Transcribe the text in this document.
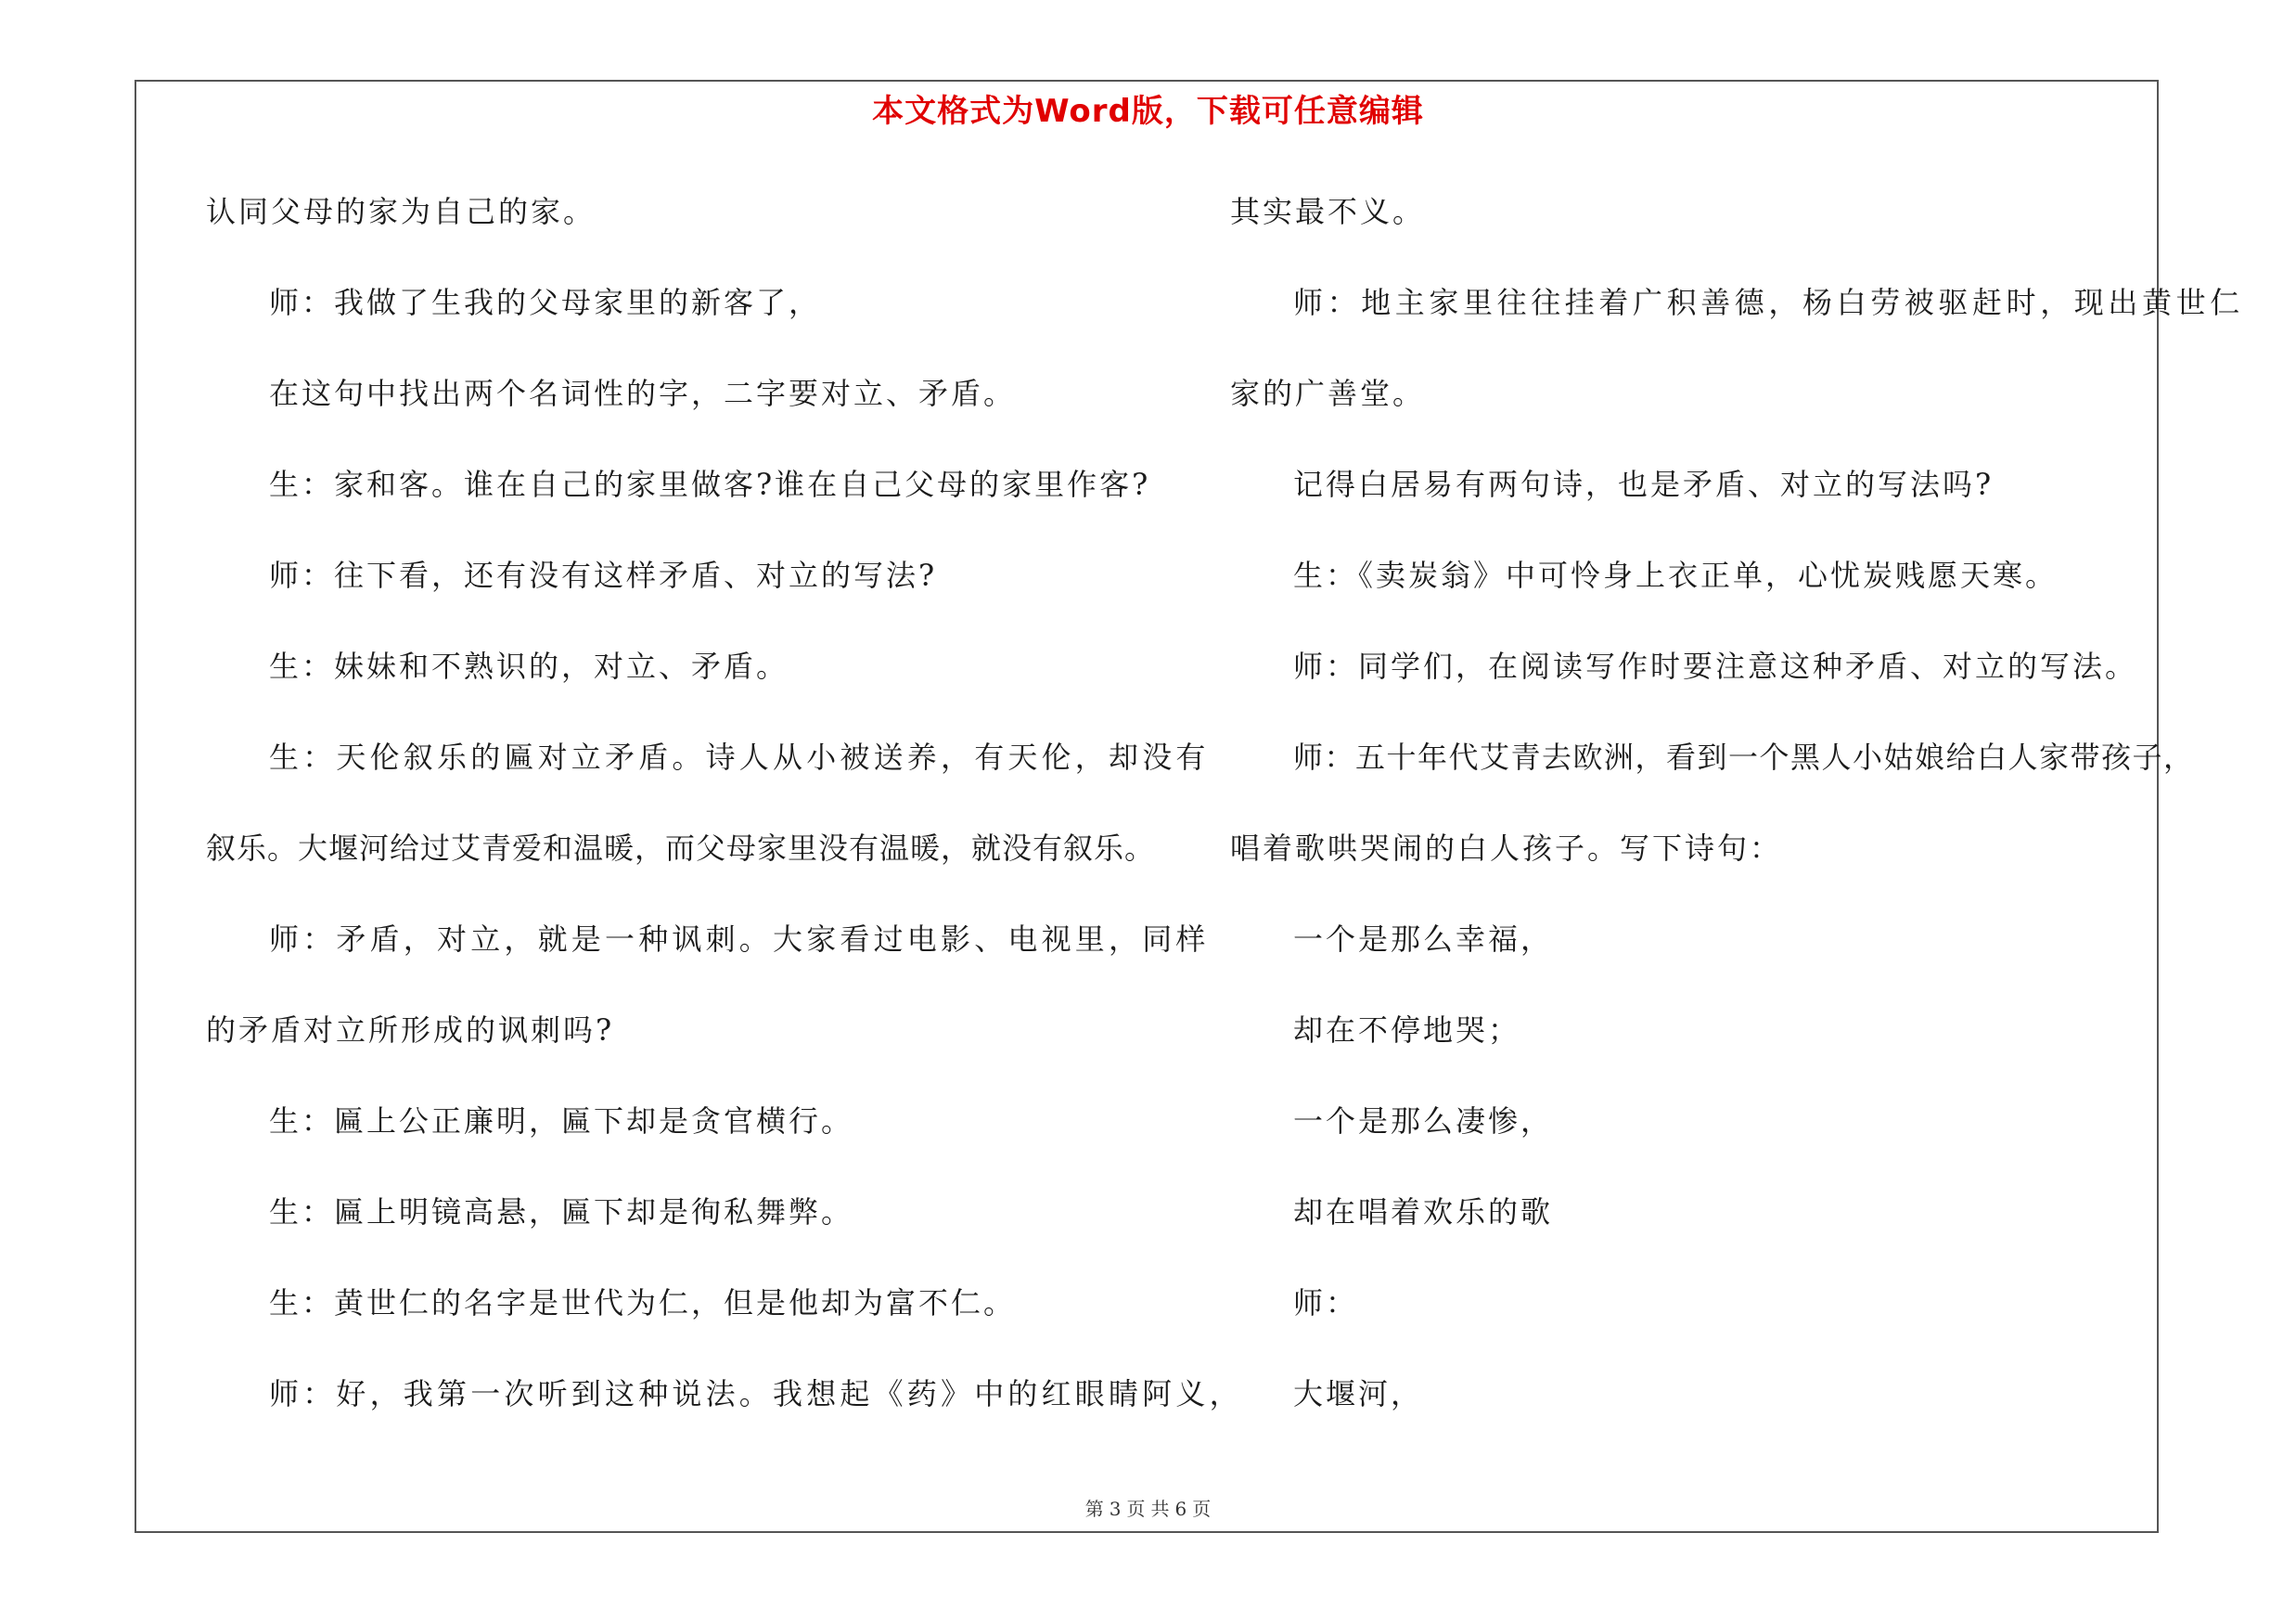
本文格式为Word版，下载可任意编辑
认同父母的家为自己的家。
师：我做了生我的父母家里的新客了，
在这句中找出两个名词性的字，二字要对立、矛盾。
生：家和客。谁在自己的家里做客?谁在自己父母的家里作客?
师：往下看，还有没有这样矛盾、对立的写法?
生：妹妹和不熟识的，对立、矛盾。
生：天伦叙乐的匾对立矛盾。诗人从小被送养，有天伦，却没有
叙乐。大堰河给过艾青爱和温暖，而父母家里没有温暖，就没有叙乐。
师：矛盾，对立，就是一种讽刺。大家看过电影、电视里，同样
的矛盾对立所形成的讽刺吗?
生：匾上公正廉明，匾下却是贪官横行。
生：匾上明镜高悬，匾下却是徇私舞弊。
生：黄世仁的名字是世代为仁，但是他却为富不仁。
师：好，我第一次听到这种说法。我想起《药》中的红眼睛阿义，
其实最不义。
师：地主家里往往挂着广积善德，杨白劳被驱赶时，现出黄世仁
家的广善堂。
记得白居易有两句诗，也是矛盾、对立的写法吗?
生：《卖炭翁》中可怜身上衣正单，心忧炭贱愿天寒。
师：同学们，在阅读写作时要注意这种矛盾、对立的写法。
师：五十年代艾青去欧洲，看到一个黑人小姑娘给白人家带孩子，
唱着歌哄哭闹的白人孩子。写下诗句：
一个是那么幸福，
却在不停地哭；
一个是那么凄惨，
却在唱着欢乐的歌
师：
大堰河，
第 3 页 共 6 页
